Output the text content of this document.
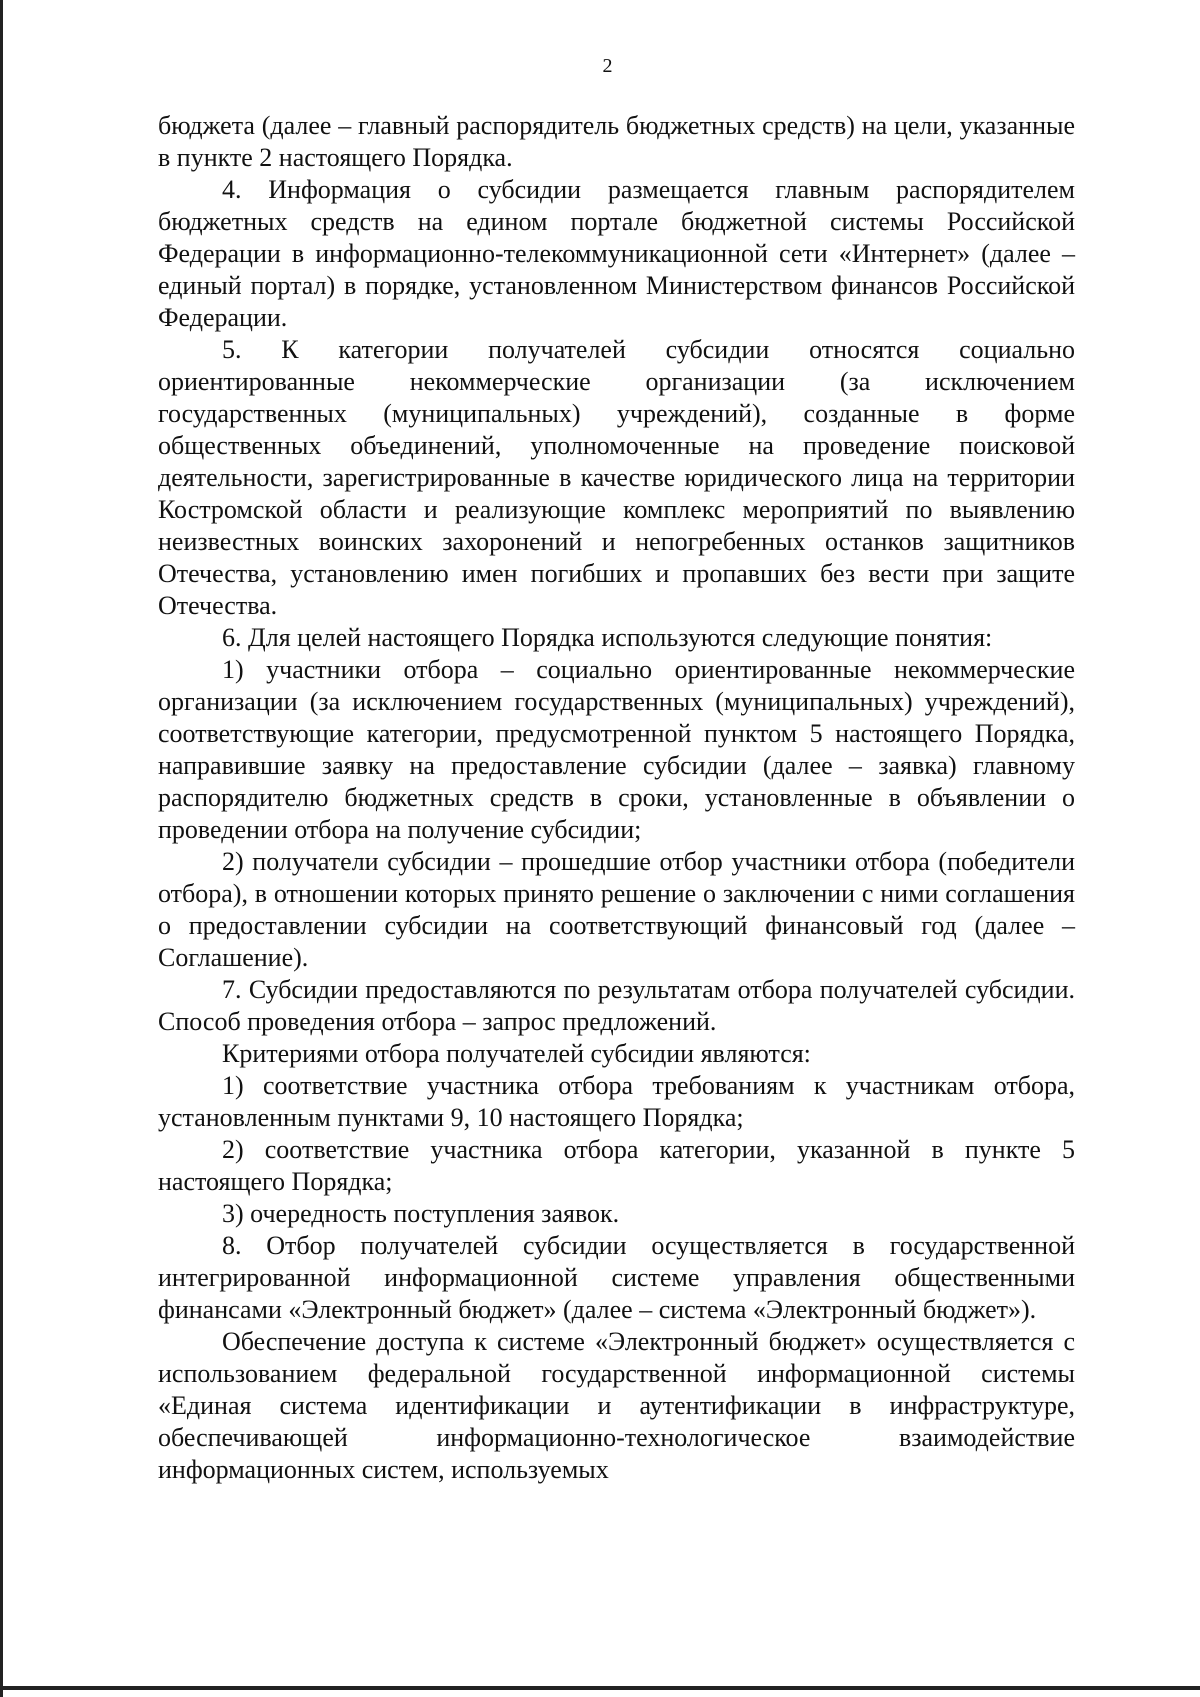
2

бюджета (далее – главный распорядитель бюджетных средств) на цели, указанные в пункте 2 настоящего Порядка.

4. Информация о субсидии размещается главным распорядителем бюджетных средств на едином портале бюджетной системы Российской Федерации в информационно-телекоммуникационной сети «Интернет» (далее – единый портал) в порядке, установленном Министерством финансов Российской Федерации.

5. К категории получателей субсидии относятся социально ориентированные некоммерческие организации (за исключением государственных (муниципальных) учреждений), созданные в форме общественных объединений, уполномоченные на проведение поисковой деятельности, зарегистрированные в качестве юридического лица на территории Костромской области и реализующие комплекс мероприятий по выявлению неизвестных воинских захоронений и непогребенных останков защитников Отечества, установлению имен погибших и пропавших без вести при защите Отечества.

6. Для целей настоящего Порядка используются следующие понятия:

1) участники отбора – социально ориентированные некоммерческие организации (за исключением государственных (муниципальных) учреждений), соответствующие категории, предусмотренной пунктом 5 настоящего Порядка, направившие заявку на предоставление субсидии (далее – заявка) главному распорядителю бюджетных средств в сроки, установленные в объявлении о проведении отбора на получение субсидии;

2) получатели субсидии – прошедшие отбор участники отбора (победители отбора), в отношении которых принято решение о заключении с ними соглашения о предоставлении субсидии на соответствующий финансовый год (далее – Соглашение).

7. Субсидии предоставляются по результатам отбора получателей субсидии. Способ проведения отбора – запрос предложений.

Критериями отбора получателей субсидии являются:

1) соответствие участника отбора требованиям к участникам отбора, установленным пунктами 9, 10 настоящего Порядка;

2) соответствие участника отбора категории, указанной в пункте 5 настоящего Порядка;

3) очередность поступления заявок.

8. Отбор получателей субсидии осуществляется в государственной интегрированной информационной системе управления общественными финансами «Электронный бюджет» (далее – система «Электронный бюджет»).

Обеспечение доступа к системе «Электронный бюджет» осуществляется с использованием федеральной государственной информационной системы «Единая система идентификации и аутентификации в инфраструктуре, обеспечивающей информационно-технологическое взаимодействие информационных систем, используемых
